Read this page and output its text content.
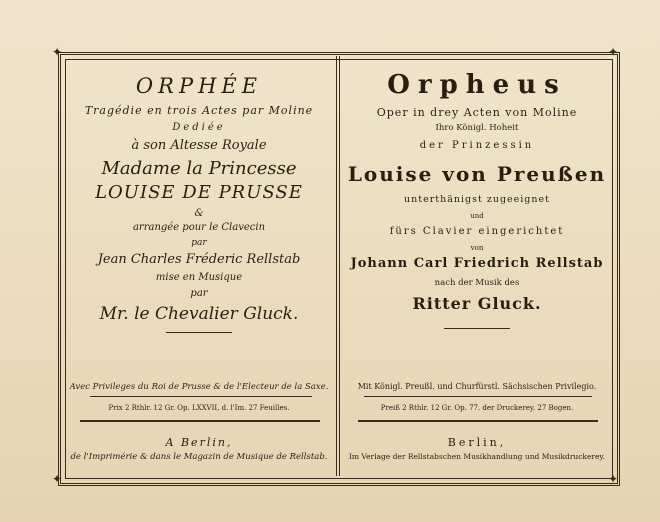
✦	✦
✦	✦
ORPHÉE
Tragédie en trois Actes par Moline
Dediée
à son Altesse Royale
Madame la Princesse
LOUISE DE PRUSSE
&
arrangée pour le Clavecin
par
Jean Charles Fréderic Rellstab
mise en Musique
par
Mr. le Chevalier Gluck.
Avec Privileges du Roi de Prusse & de l'Electeur de la Saxe.
Prix 2 Rthlr. 12 Gr. Op. LXXVII, d. l'Im. 27 Feuilles.
A Berlin,
de l'Imprimérie & dans le Magazin de Musique de Rellstab.
Orpheus
Oper in drey Acten von Moline
Ihro Königl. Hoheit
der Prinzessin
Louise von Preußen
unterthänigst zugeeignet
und
fürs Clavier eingerichtet
von
Johann Carl Friedrich Rellstab
nach der Musik des
Ritter Gluck.
Mit Königl. Preußl. und Churfürstl. Sächsischen Privilegio.
Preiß 2 Rthlr. 12 Gr. Op. 77. der Druckerey. 27 Bogen.
Berlin,
Im Verlage der Rellstabschen Musikhandlung und Musikdruckerey.
